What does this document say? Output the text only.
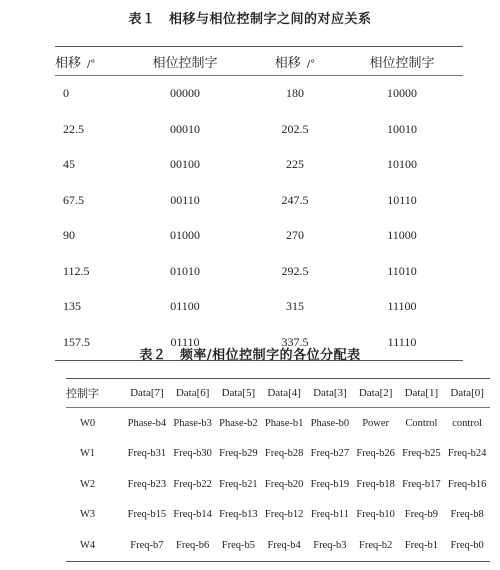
表１　相移与相位控制字之间的对应关系
相移 /°	相位控制字	相移 /°	相位控制字
0	00000	180	10000
22.5	00010	202.5	10010
45	00100	225	10100
67.5	00110	247.5	10110
90	01000	270	11000
112.5	01010	292.5	11010
135	01100	315	11100
157.5	01110	337.5	11110
表２　频率/相位控制字的各位分配表
控制字	Data[7]	Data[6]	Data[5]	Data[4]	Data[3]	Data[2]	Data[1]	Data[0]
W0	Phase-b4	Phase-b3	Phase-b2	Phase-b1	Phase-b0	Power	Control	control
W1	Freq-b31	Freq-b30	Freq-b29	Freq-b28	Freq-b27	Freq-b26	Freq-b25	Freq-b24
W2	Freq-b23	Freq-b22	Freq-b21	Freq-b20	Freq-b19	Freq-b18	Freq-b17	Freq-b16
W3	Freq-b15	Freq-b14	Freq-b13	Freq-b12	Freq-b11	Freq-b10	Freq-b9	Freq-b8
W4	Freq-b7	Freq-b6	Freq-b5	Freq-b4	Freq-b3	Freq-b2	Freq-b1	Freq-b0
